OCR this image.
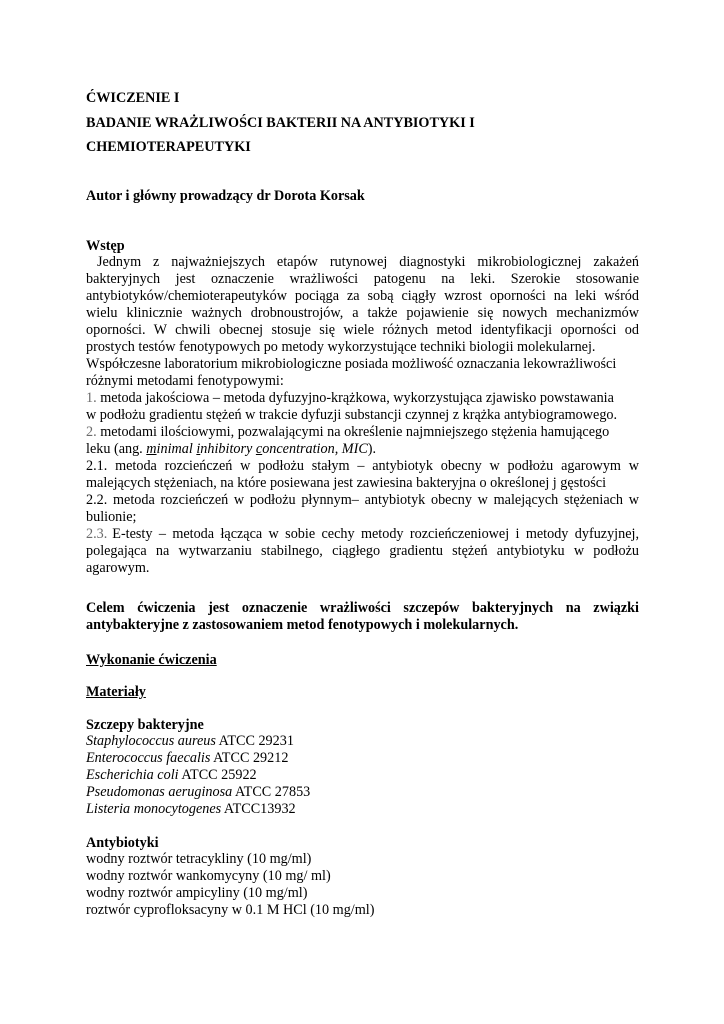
ĆWICZENIE I
BADANIE WRAŻLIWOŚCI BAKTERII NA ANTYBIOTYKI I
CHEMIOTERAPEUTYKI
Autor i główny prowadzący dr Dorota Korsak
Wstęp
Jednym z najważniejszych etapów rutynowej diagnostyki mikrobiologicznej zakażeń
bakteryjnych jest oznaczenie wrażliwości patogenu na leki. Szerokie stosowanie
antybiotyków/chemioterapeutyków pociąga za sobą ciągły wzrost oporności na leki wśród
wielu klinicznie ważnych drobnoustrojów, a także pojawienie się nowych mechanizmów
oporności. W chwili obecnej stosuje się wiele różnych metod identyfikacji oporności od
prostych testów fenotypowych po metody wykorzystujące techniki biologii molekularnej.
Współczesne laboratorium mikrobiologiczne posiada możliwość oznaczania lekowrażliwości
różnymi metodami fenotypowymi:
1. metoda jakościowa – metoda dyfuzyjno-krążkowa, wykorzystująca zjawisko powstawania
w podłożu gradientu stężeń w trakcie dyfuzji substancji czynnej z krążka antybiogramowego.
2. metodami ilościowymi, pozwalającymi na określenie najmniejszego stężenia hamującego
leku (ang. minimal inhibitory concentration, MIC).
2.1. metoda rozcieńczeń w podłożu stałym – antybiotyk obecny w podłożu agarowym w
malejących stężeniach, na które posiewana jest zawiesina bakteryjna o określonej j gęstości
2.2. metoda rozcieńczeń w podłożu płynnym– antybiotyk obecny w malejących stężeniach w
bulionie;
2.3. E-testy – metoda łącząca w sobie cechy metody rozcieńczeniowej i metody dyfuzyjnej,
polegająca na wytwarzaniu stabilnego, ciągłego gradientu stężeń antybiotyku w podłożu
agarowym.
Celem ćwiczenia jest oznaczenie wrażliwości szczepów bakteryjnych na związki
antybakteryjne z zastosowaniem metod fenotypowych i molekularnych.
Wykonanie ćwiczenia
Materiały
Szczepy bakteryjne
Staphylococcus aureus ATCC 29231
Enterococcus faecalis ATCC 29212
Escherichia coli ATCC 25922
Pseudomonas aeruginosa ATCC 27853
Listeria monocytogenes ATCC13932
Antybiotyki
wodny roztwór tetracykliny (10 mg/ml)
wodny roztwór wankomycyny (10 mg/ ml)
wodny roztwór ampicyliny (10 mg/ml)
roztwór cyprofloksacyny w 0.1 M HCl (10 mg/ml)
